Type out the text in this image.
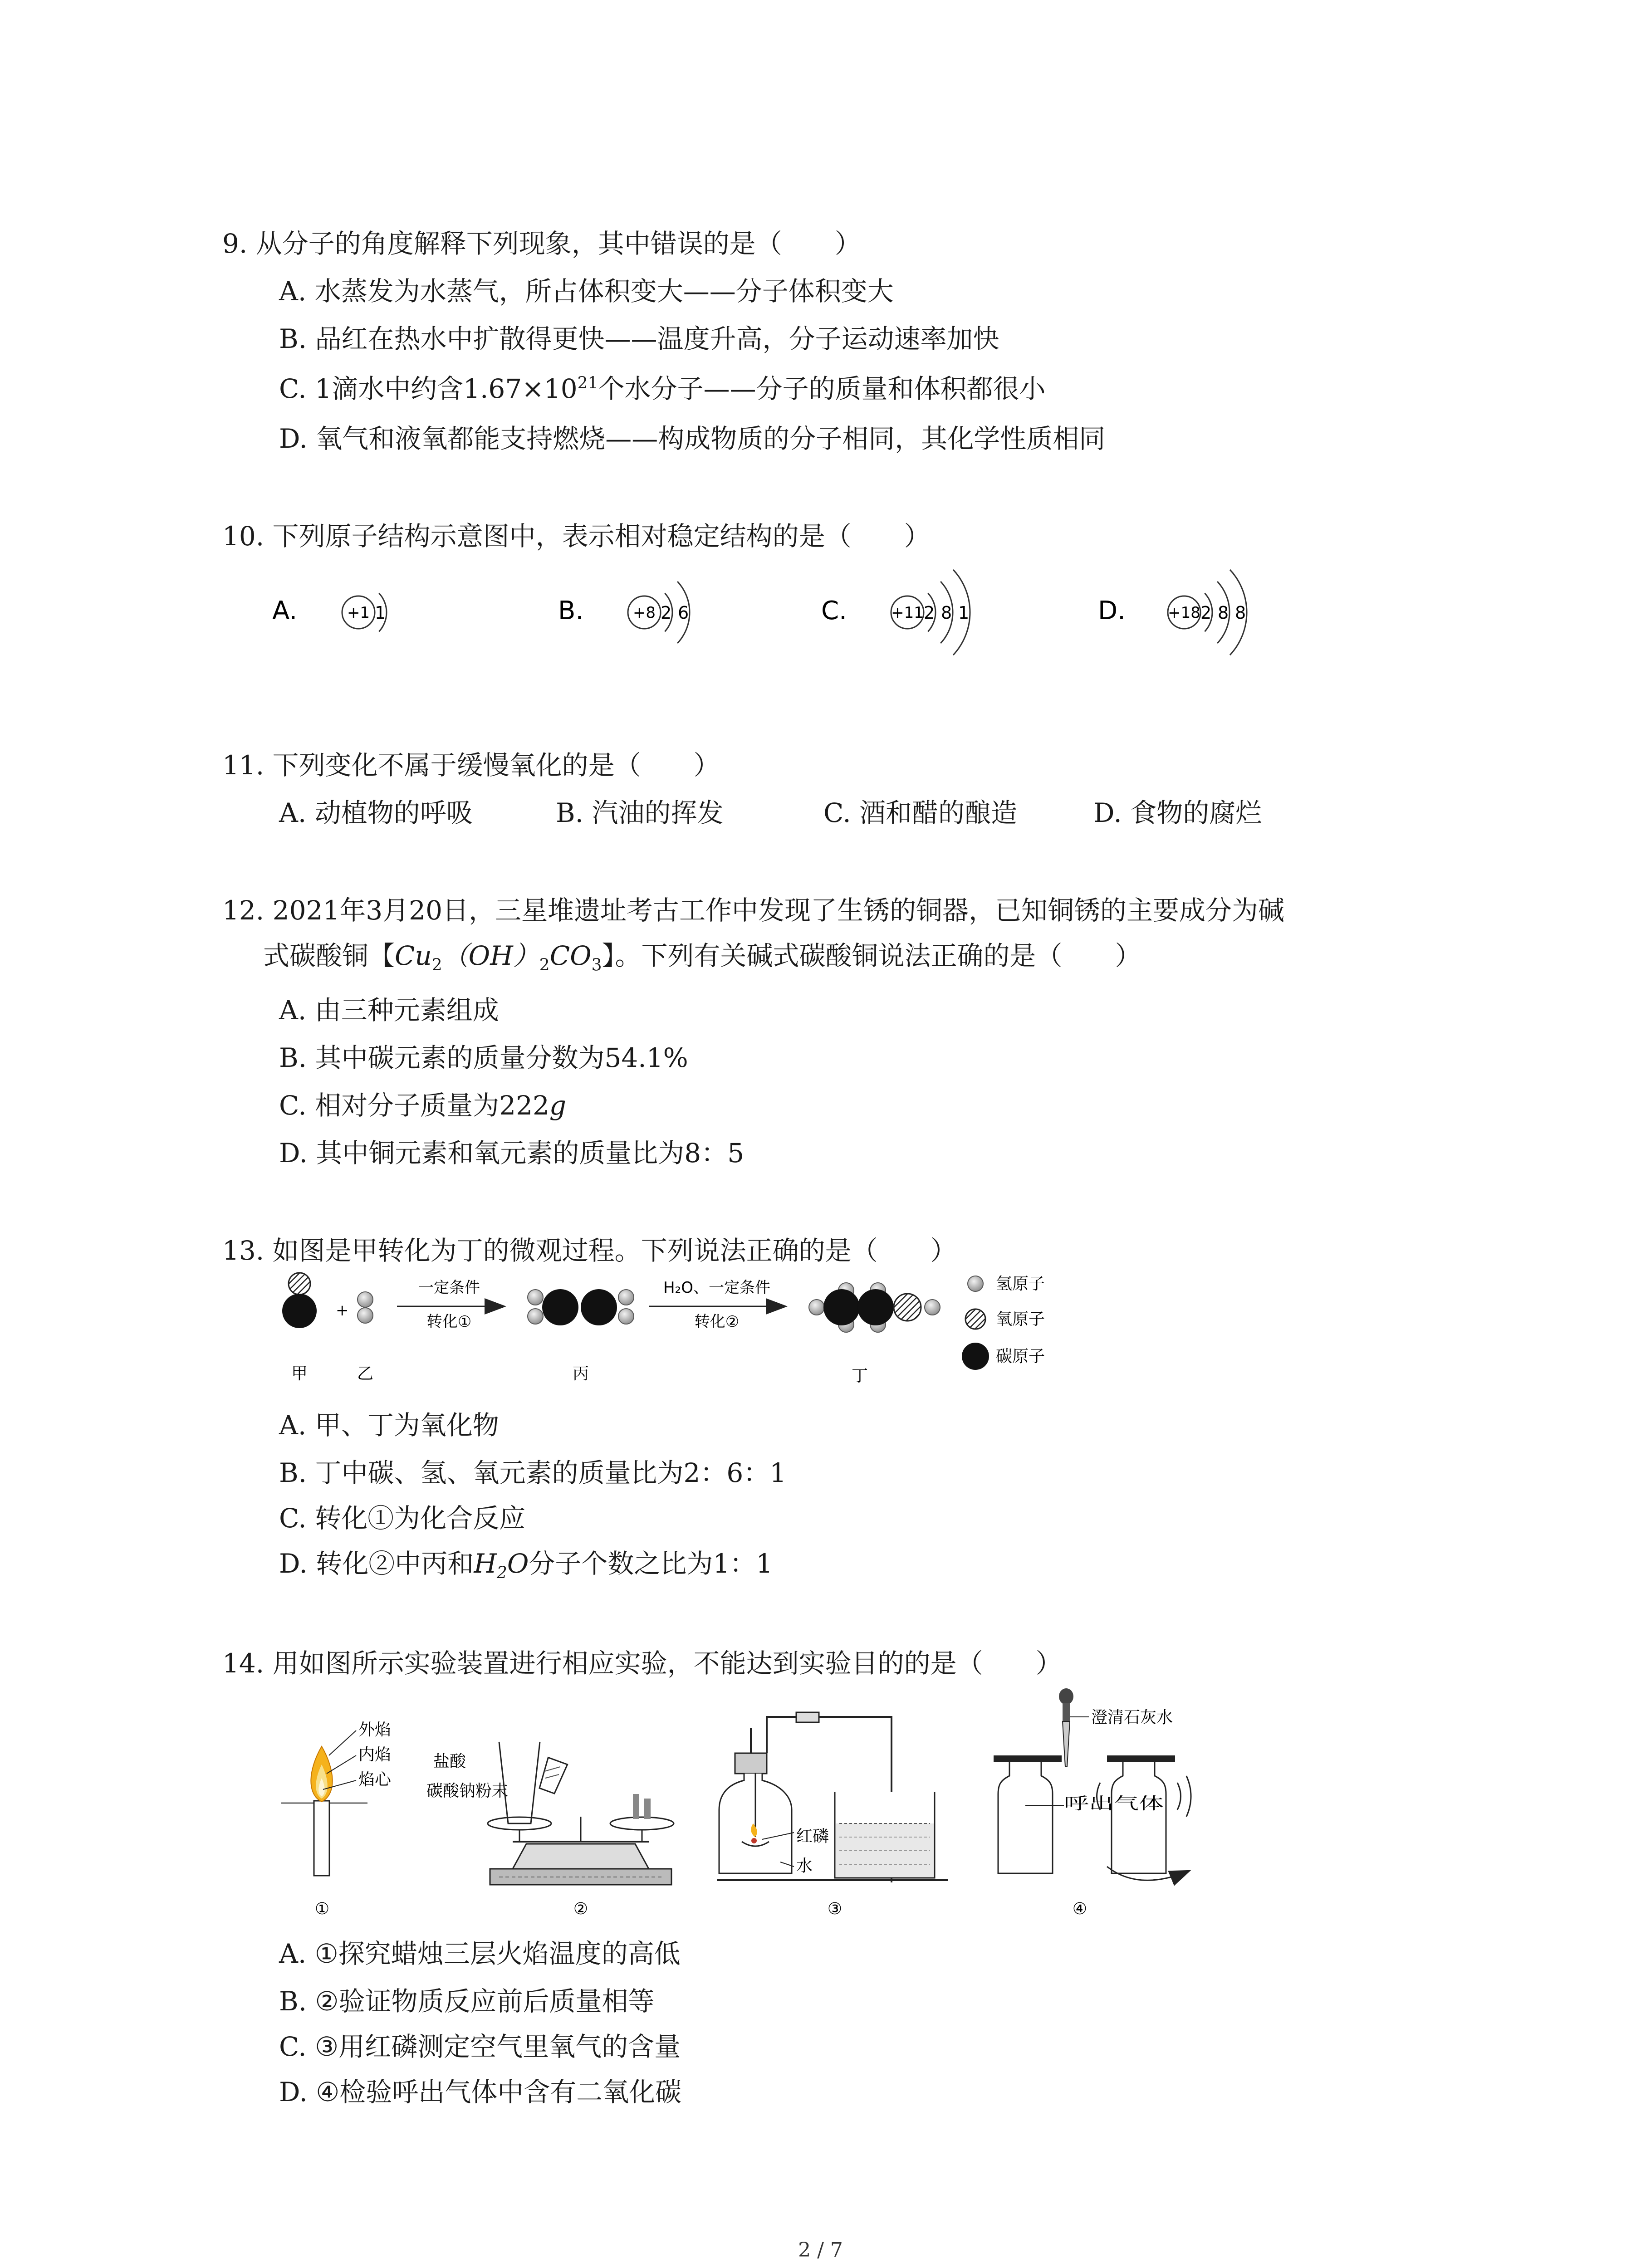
9. 从分子的角度解释下列现象，其中错误的是（　　）
A. 水蒸发为水蒸气，所占体积变大——分子体积变大
B. 品红在热水中扩散得更快——温度升高，分子运动速率加快
C. 1滴水中约含$1.67\times 10^{21}$个水分子——分子的质量和体积都很小
D. 氧气和液氧都能支持燃烧——构成物质的分子相同，其化学性质相同
10. 下列原子结构示意图中，表示相对稳定结构的是（　　）
A.	+1 1	B.	+8 2 6	C.	+11 2 8 1	D.	+18 2 8 8
11. 下列变化不属于缓慢氧化的是（　　）
A. 动植物的呼吸	B. 汽油的挥发	C. 酒和醋的酿造	D. 食物的腐烂
12. 2021年3月20日，三星堆遗址考古工作中发现了生锈的铜器，已知铜锈的主要成分为碱
式碳酸铜【$Cu_2(OH)_2CO_3$】。下列有关碱式碳酸铜说法正确的是（　　）
A. 由三种元素组成
B. 其中碳元素的质量分数为54.1%
C. 相对分子质量为222g
D. 其中铜元素和氧元素的质量比为8：5
13. 如图是甲转化为丁的微观过程。下列说法正确的是（　　）
+
一定条件
转化①
H₂O、一定条件
转化②
甲	乙	丙	丁
氢原子
氧原子
碳原子
A. 甲、丁为氧化物
B. 丁中碳、氢、氧元素的质量比为2：6：1
C. 转化①为化合反应
D. 转化②中丙和$H_2O$分子个数之比为1：1
14. 用如图所示实验装置进行相应实验，不能达到实验目的的是（　　）
外焰
内焰
焰心
①
盐酸
碳酸钠粉末
②
红磷
水
③
澄清石灰水
呼出气体
④
A. ①探究蜡烛三层火焰温度的高低
B. ②验证物质反应前后质量相等
C. ③用红磷测定空气里氧气的含量
D. ④检验呼出气体中含有二氧化碳
2 / 7
